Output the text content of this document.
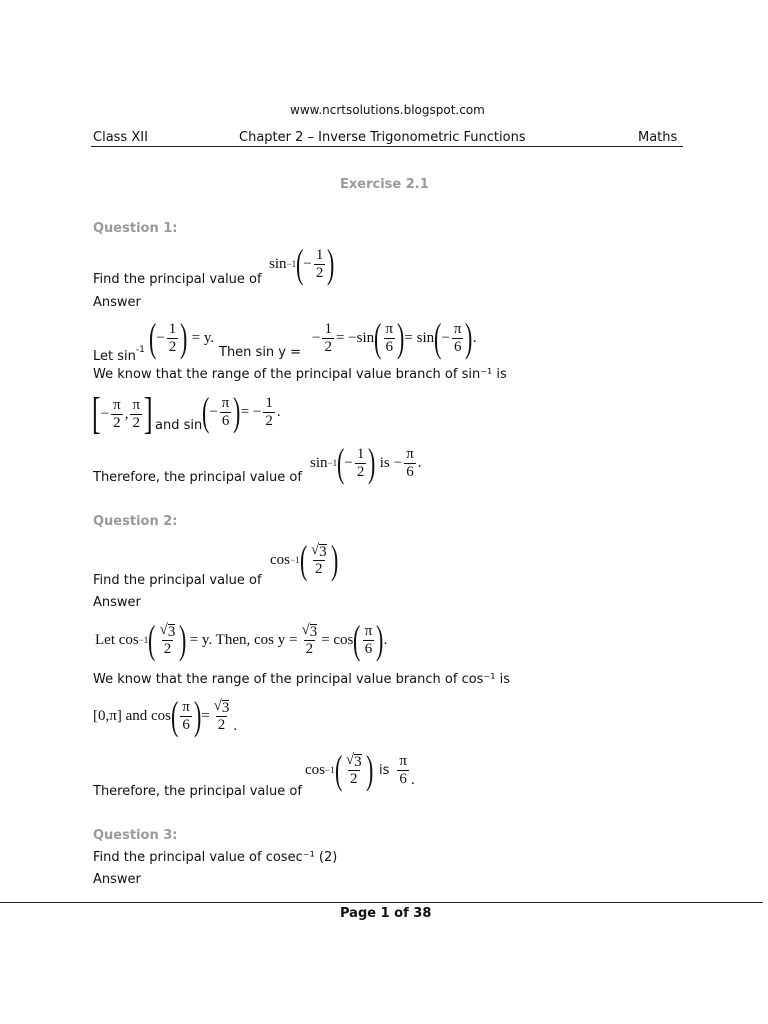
www.ncrtsolutions.blogspot.com
Class XII	Chapter 2 – Inverse Trigonometric Functions	Maths
Exercise 2.1
Question 1:
sin −1 ( − $\frac{1}{2}$ )
Find the principal value of
Answer
Let $\sin^{-1}$ ( − $\frac{1}{2}$ ) = y.
Then sin y =
− $\frac{1}{2} = -\sin$ ( $\frac{\pi}{6}$ ) = sin ( − $\frac{\pi}{6}$ ) .
We know that the range of the principal value branch of sin⁻¹ is
[ − $\frac{\pi}{2}$ , $\frac{\pi}{2}$ ] and sin ( − $\frac{\pi}{6}$ ) = − $\frac{1}{2}$ .
sin −1 ( − $\frac{1}{2}$ ) is − $\frac{\pi}{6}$ .
Therefore, the principal value of
Question 2:
cos −1 ( $\frac{√ 3}{2}$ )
Find the principal value of
Answer
Let cos −1 ( $\frac{√ 3}{2}$ ) = y. Then, $\cos y = \frac{√ 3}{2} = \cos$ ( $\frac{\pi}{6}$ ) .
We know that the range of the principal value branch of cos⁻¹ is
[0,π] and cos ( $\frac{\pi}{6}$ ) = $\frac{√ 3}{2}$ .
cos −1 ( $\frac{√ 3}{2}$ ) is $\frac{\pi}{6}$ .
Therefore, the principal value of
Question 3:
Find the principal value of cosec⁻¹ (2)
Answer
Page 1 of 38
